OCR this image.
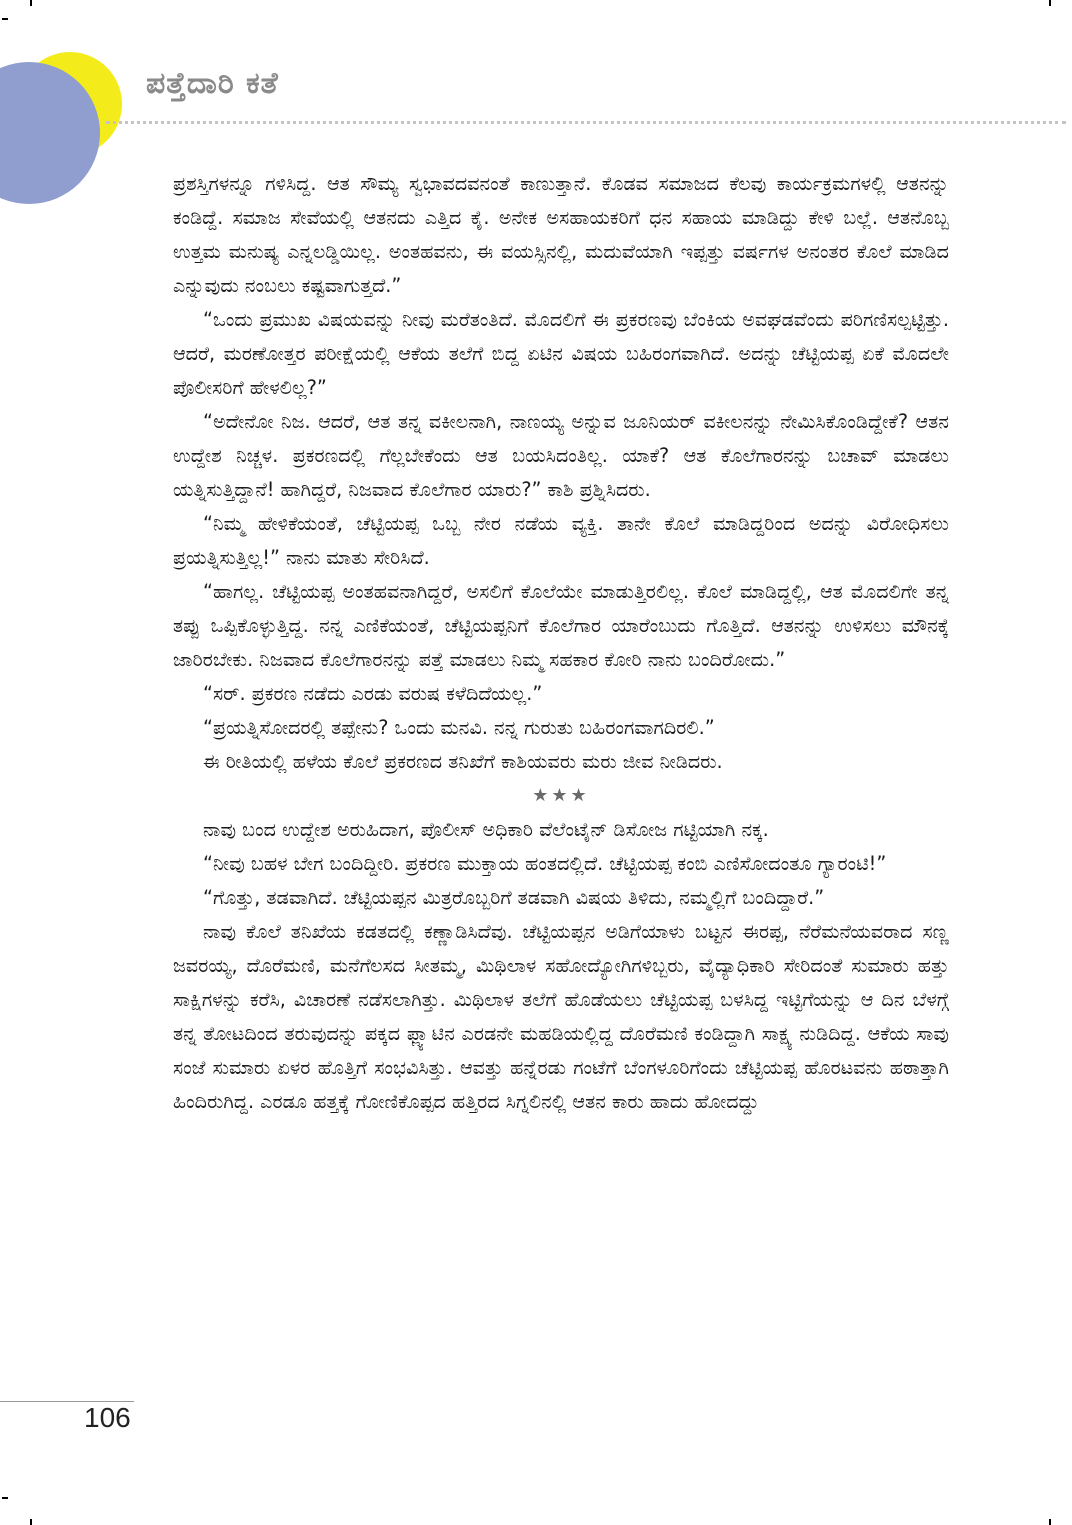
ಪತ್ತೆದಾರಿ ಕತೆ

ಪ್ರಶಸ್ತಿಗಳನ್ನೂ ಗಳಿಸಿದ್ದ. ಆತ ಸೌಮ್ಯ ಸ್ವಭಾವದವನಂತೆ ಕಾಣುತ್ತಾನೆ. ಕೊಡವ ಸಮಾಜದ ಕೆಲವು ಕಾರ್ಯಕ್ರಮಗಳಲ್ಲಿ ಆತನನ್ನು ಕಂಡಿದ್ದೆ. ಸಮಾಜ ಸೇವೆಯಲ್ಲಿ ಆತನದು ಎತ್ತಿದ ಕೈ. ಅನೇಕ ಅಸಹಾಯಕರಿಗೆ ಧನ ಸಹಾಯ ಮಾಡಿದ್ದು ಕೇಳಿ ಬಲ್ಲೆ. ಆತನೊಬ್ಬ ಉತ್ತಮ ಮನುಷ್ಯ ಎನ್ನಲಡ್ಡಿಯಿಲ್ಲ. ಅಂತಹವನು, ಈ ವಯಸ್ಸಿನಲ್ಲಿ, ಮದುವೆಯಾಗಿ ಇಪ್ಪತ್ತು ವರ್ಷಗಳ ಅನಂತರ ಕೊಲೆ ಮಾಡಿದ ಎನ್ನುವುದು ನಂಬಲು ಕಷ್ಟವಾಗುತ್ತದೆ.”

“ಒಂದು ಪ್ರಮುಖ ವಿಷಯವನ್ನು ನೀವು ಮರೆತಂತಿದೆ. ಮೊದಲಿಗೆ ಈ ಪ್ರಕರಣವು ಬೆಂಕಿಯ ಅವಘಡವೆಂದು ಪರಿಗಣಿಸಲ್ಪಟ್ಟಿತ್ತು. ಆದರೆ, ಮರಣೋತ್ತರ ಪರೀಕ್ಷೆಯಲ್ಲಿ ಆಕೆಯ ತಲೆಗೆ ಬಿದ್ದ ಏಟಿನ ವಿಷಯ ಬಹಿರಂಗವಾಗಿದೆ. ಅದನ್ನು ಚೆಟ್ಟಿಯಪ್ಪ ಏಕೆ ಮೊದಲೇ ಪೊಲೀಸರಿಗೆ ಹೇಳಲಿಲ್ಲ?”

“ಅದೇನೋ ನಿಜ. ಆದರೆ, ಆತ ತನ್ನ ವಕೀಲನಾಗಿ, ನಾಣಯ್ಯ ಅನ್ನುವ ಜೂನಿಯರ್ ವಕೀಲನನ್ನು ನೇಮಿಸಿಕೊಂಡಿದ್ದೇಕೆ? ಆತನ ಉದ್ದೇಶ ನಿಚ್ಚಳ. ಪ್ರಕರಣದಲ್ಲಿ ಗೆಲ್ಲಬೇಕೆಂದು ಆತ ಬಯಸಿದಂತಿಲ್ಲ. ಯಾಕೆ? ಆತ ಕೊಲೆಗಾರನನ್ನು ಬಚಾವ್ ಮಾಡಲು ಯತ್ನಿಸುತ್ತಿದ್ದಾನೆ! ಹಾಗಿದ್ದರೆ, ನಿಜವಾದ ಕೊಲೆಗಾರ ಯಾರು?” ಕಾಶಿ ಪ್ರಶ್ನಿಸಿದರು.

“ನಿಮ್ಮ ಹೇಳಿಕೆಯಂತೆ, ಚೆಟ್ಟಿಯಪ್ಪ ಒಬ್ಬ ನೇರ ನಡೆಯ ವ್ಯಕ್ತಿ. ತಾನೇ ಕೊಲೆ ಮಾಡಿದ್ದರಿಂದ ಅದನ್ನು ವಿರೋಧಿಸಲು ಪ್ರಯತ್ನಿಸುತ್ತಿಲ್ಲ!” ನಾನು ಮಾತು ಸೇರಿಸಿದೆ.

“ಹಾಗಲ್ಲ. ಚೆಟ್ಟಿಯಪ್ಪ ಅಂತಹವನಾಗಿದ್ದರೆ, ಅಸಲಿಗೆ ಕೊಲೆಯೇ ಮಾಡುತ್ತಿರಲಿಲ್ಲ. ಕೊಲೆ ಮಾಡಿದ್ದಲ್ಲಿ, ಆತ ಮೊದಲಿಗೇ ತನ್ನ ತಪ್ಪು ಒಪ್ಪಿಕೊಳ್ಳುತ್ತಿದ್ದ. ನನ್ನ ಎಣಿಕೆಯಂತೆ, ಚೆಟ್ಟಿಯಪ್ಪನಿಗೆ ಕೊಲೆಗಾರ ಯಾರೆಂಬುದು ಗೊತ್ತಿದೆ. ಆತನನ್ನು ಉಳಿಸಲು ಮೌನಕ್ಕೆ ಜಾರಿರಬೇಕು. ನಿಜವಾದ ಕೊಲೆಗಾರನನ್ನು ಪತ್ತೆ ಮಾಡಲು ನಿಮ್ಮ ಸಹಕಾರ ಕೋರಿ ನಾನು ಬಂದಿರೋದು.”

“ಸರ್. ಪ್ರಕರಣ ನಡೆದು ಎರಡು ವರುಷ ಕಳೆದಿದೆಯಲ್ಲ.”

“ಪ್ರಯತ್ನಿಸೋದರಲ್ಲಿ ತಪ್ಪೇನು? ಒಂದು ಮನವಿ. ನನ್ನ ಗುರುತು ಬಹಿರಂಗವಾಗದಿರಲಿ.”

ಈ ರೀತಿಯಲ್ಲಿ ಹಳೆಯ ಕೊಲೆ ಪ್ರಕರಣದ ತನಿಖೆಗೆ ಕಾಶಿಯವರು ಮರು ಜೀವ ನೀಡಿದರು.

★★★

ನಾವು ಬಂದ ಉದ್ದೇಶ ಅರುಹಿದಾಗ, ಪೊಲೀಸ್ ಅಧಿಕಾರಿ ವೆಲೆಂಟೈನ್ ಡಿಸೋಜ ಗಟ್ಟಿಯಾಗಿ ನಕ್ಕ.

“ನೀವು ಬಹಳ ಬೇಗ ಬಂದಿದ್ದೀರಿ. ಪ್ರಕರಣ ಮುಕ್ತಾಯ ಹಂತದಲ್ಲಿದೆ. ಚೆಟ್ಟಿಯಪ್ಪ ಕಂಬಿ ಎಣಿಸೋದಂತೂ ಗ್ಯಾರಂಟಿ!”

“ಗೊತ್ತು, ತಡವಾಗಿದೆ. ಚೆಟ್ಟಿಯಪ್ಪನ ಮಿತ್ರರೊಬ್ಬರಿಗೆ ತಡವಾಗಿ ವಿಷಯ ತಿಳಿದು, ನಮ್ಮಲ್ಲಿಗೆ ಬಂದಿದ್ದಾರೆ.”

ನಾವು ಕೊಲೆ ತನಿಖೆಯ ಕಡತದಲ್ಲಿ ಕಣ್ಣಾಡಿಸಿದೆವು. ಚೆಟ್ಟಿಯಪ್ಪನ ಅಡಿಗೆಯಾಳು ಬಟ್ಟನ ಈರಪ್ಪ, ನೆರೆಮನೆಯವರಾದ ಸಣ್ಣ ಜವರಯ್ಯ, ದೊರೆಮಣಿ, ಮನೆಗೆಲಸದ ಸೀತಮ್ಮ, ಮಿಥಿಲಾಳ ಸಹೋದ್ಯೋಗಿಗಳಿಬ್ಬರು, ವೈದ್ಯಾಧಿಕಾರಿ ಸೇರಿದಂತೆ ಸುಮಾರು ಹತ್ತು ಸಾಕ್ಷಿಗಳನ್ನು ಕರೆಸಿ, ವಿಚಾರಣೆ ನಡೆಸಲಾಗಿತ್ತು. ಮಿಥಿಲಾಳ ತಲೆಗೆ ಹೊಡೆಯಲು ಚೆಟ್ಟಿಯಪ್ಪ ಬಳಸಿದ್ದ ಇಟ್ಟಿಗೆಯನ್ನು ಆ ದಿನ ಬೆಳಗ್ಗೆ ತನ್ನ ತೋಟದಿಂದ ತರುವುದನ್ನು ಪಕ್ಕದ ಫ್ಲ್ಯಾಟಿನ ಎರಡನೇ ಮಹಡಿಯಲ್ಲಿದ್ದ ದೊರೆಮಣಿ ಕಂಡಿದ್ದಾಗಿ ಸಾಕ್ಷ್ಯ ನುಡಿದಿದ್ದ. ಆಕೆಯ ಸಾವು ಸಂಜೆ ಸುಮಾರು ಏಳರ ಹೊತ್ತಿಗೆ ಸಂಭವಿಸಿತ್ತು. ಆವತ್ತು ಹನ್ನೆರಡು ಗಂಟೆಗೆ ಬೆಂಗಳೂರಿಗೆಂದು ಚೆಟ್ಟಿಯಪ್ಪ ಹೊರಟವನು ಹಠಾತ್ತಾಗಿ ಹಿಂದಿರುಗಿದ್ದ. ಎರಡೂ ಹತ್ತಕ್ಕೆ ಗೋಣಿಕೊಪ್ಪದ ಹತ್ತಿರದ ಸಿಗ್ನಲಿನಲ್ಲಿ ಆತನ ಕಾರು ಹಾದು ಹೋದದ್ದು

106
